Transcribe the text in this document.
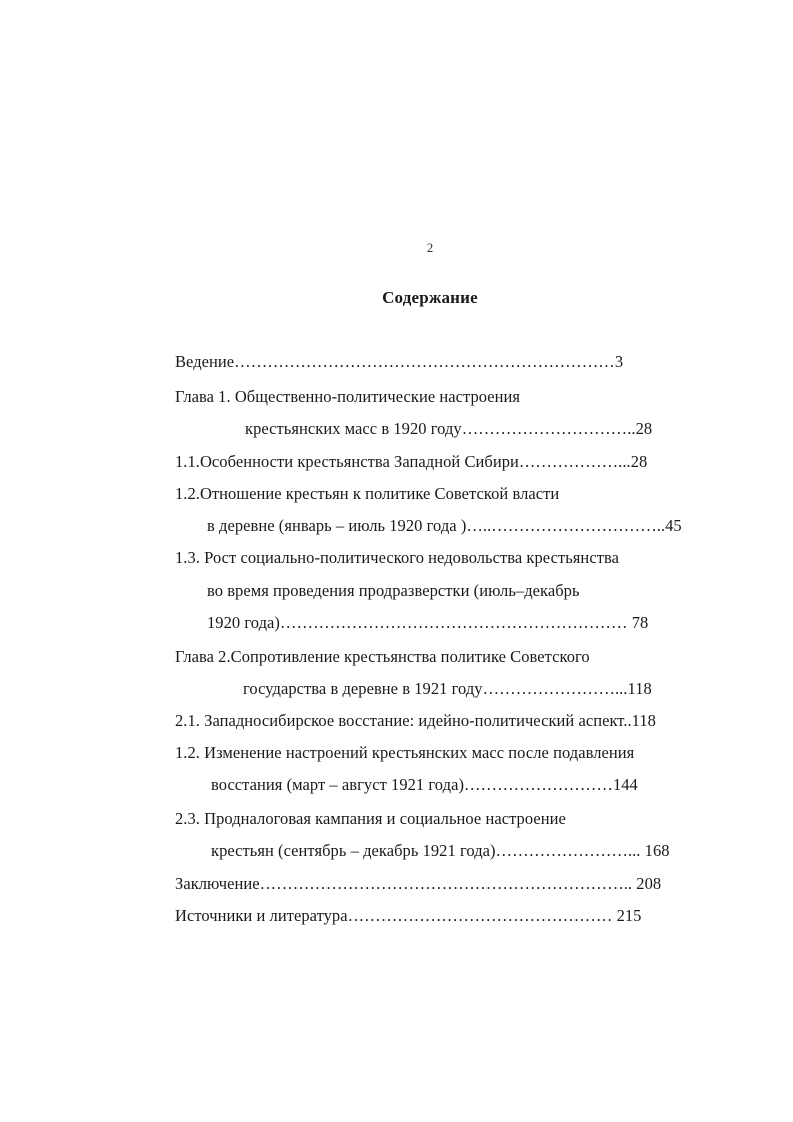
2
Содержание
Ведение……………………………………………………………3
Глава 1. Общественно-политические настроения
крестьянских масс в 1920 году…………………………..28
1.1.Особенности крестьянства Западной Сибири………………...28
1.2.Отношение крестьян к политике Советской власти
в деревне (январь – июль 1920 года )…..…………………………..45
1.3. Рост социально-политического недовольства крестьянства
во время проведения продразверстки (июль–декабрь
1920 года)……………………………………………………… 78
Глава 2.Сопротивление крестьянства политике Советского
государства в деревне в 1921 году……………………...118
2.1. Западносибирское восстание: идейно-политический аспект..118
1.2. Изменение настроений крестьянских масс после подавления
восстания (март – август 1921 года)………………………144
2.3. Продналоговая кампания и социальное настроение
крестьян (сентябрь – декабрь 1921 года)……………………... 168
Заключение………………………………………………………….. 208
Источники и литература………………………………………… 215
